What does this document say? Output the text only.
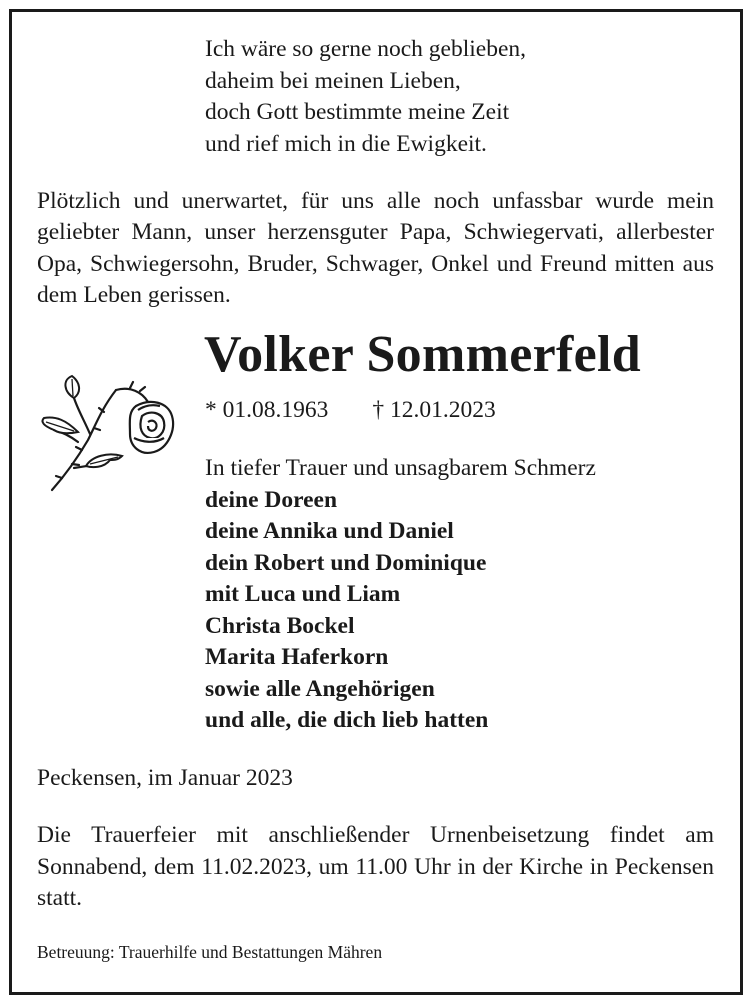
Ich wäre so gerne noch geblieben,
daheim bei meinen Lieben,
doch Gott bestimmte meine Zeit
und rief mich in die Ewigkeit.
Plötzlich und unerwartet, für uns alle noch unfassbar wurde mein geliebter Mann, unser herzensguter Papa, Schwiegervati, allerbester Opa, Schwiegersohn, Bruder, Schwager, Onkel und Freund mitten aus dem Leben gerissen.
Volker Sommerfeld
* 01.08.1963 † 12.01.2023
In tiefer Trauer und unsagbarem Schmerz
deine Doreen
deine Annika und Daniel
dein Robert und Dominique
mit Luca und Liam
Christa Bockel
Marita Haferkorn
sowie alle Angehörigen
und alle, die dich lieb hatten
Peckensen, im Januar 2023
Die Trauerfeier mit anschließender Urnenbeisetzung findet am Sonnabend, dem 11.02.2023, um 11.00 Uhr in der Kirche in Peckensen statt.
Betreuung: Trauerhilfe und Bestattungen Mähren
